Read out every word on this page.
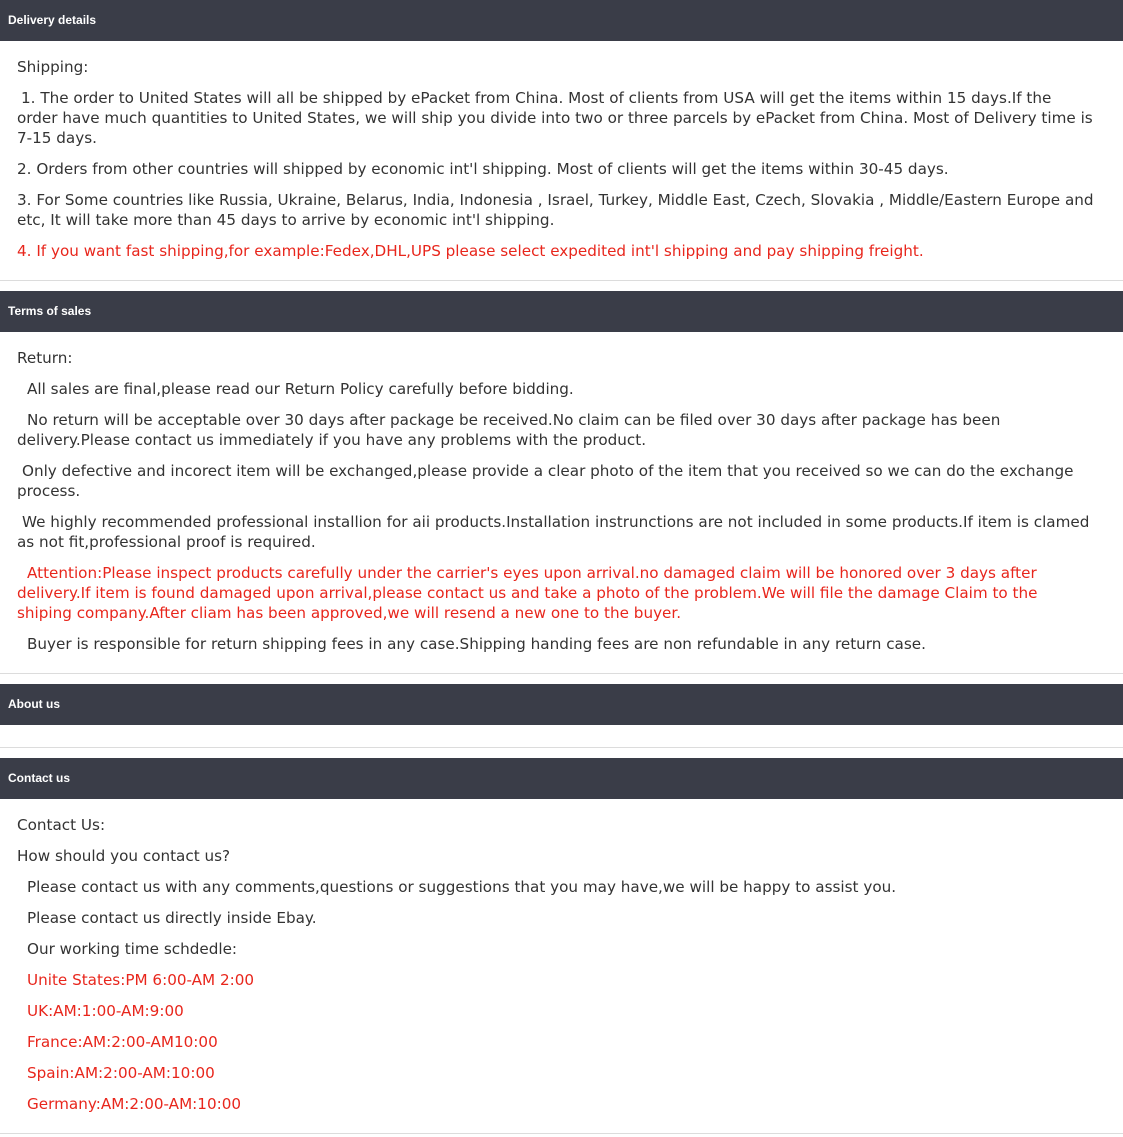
Delivery details

Shipping:

1. The order to United States will all be shipped by ePacket from China. Most of clients from USA will get the items within 15 days.If the order have much quantities to United States, we will ship you divide into two or three parcels by ePacket from China. Most of Delivery time is 7-15 days.

2. Orders from other countries will shipped by economic int'l shipping. Most of clients will get the items within 30-45 days.

3. For Some countries like Russia, Ukraine, Belarus, India, Indonesia , Israel, Turkey, Middle East, Czech, Slovakia , Middle/Eastern Europe and etc, It will take more than 45 days to arrive by economic int'l shipping.

4. If you want fast shipping,for example:Fedex,DHL,UPS please select expedited int'l shipping and pay shipping freight.

Terms of sales

Return:

All sales are final,please read our Return Policy carefully before bidding.

No return will be acceptable over 30 days after package be received.No claim can be filed over 30 days after package has been delivery.Please contact us immediately if you have any problems with the product.

Only defective and incorect item will be exchanged,please provide a clear photo of the item that you received so we can do the exchange process.

We highly recommended professional installion for aii products.Installation instrunctions are not included in some products.If item is clamed as not fit,professional proof is required.

Attention:Please inspect products carefully under the carrier's eyes upon arrival.no damaged claim will be honored over 3 days after delivery.If item is found damaged upon arrival,please contact us and take a photo of the problem.We will file the damage Claim to the shiping company.After cliam has been approved,we will resend a new one to the buyer.

Buyer is responsible for return shipping fees in any case.Shipping handing fees are non refundable in any return case.

About us
Contact us

Contact Us:

How should you contact us?

Please contact us with any comments,questions or suggestions that you may have,we will be happy to assist you.

Please contact us directly inside Ebay.

Our working time schdedle:

Unite States:PM 6:00-AM 2:00

UK:AM:1:00-AM:9:00

France:AM:2:00-AM10:00

Spain:AM:2:00-AM:10:00

Germany:AM:2:00-AM:10:00
